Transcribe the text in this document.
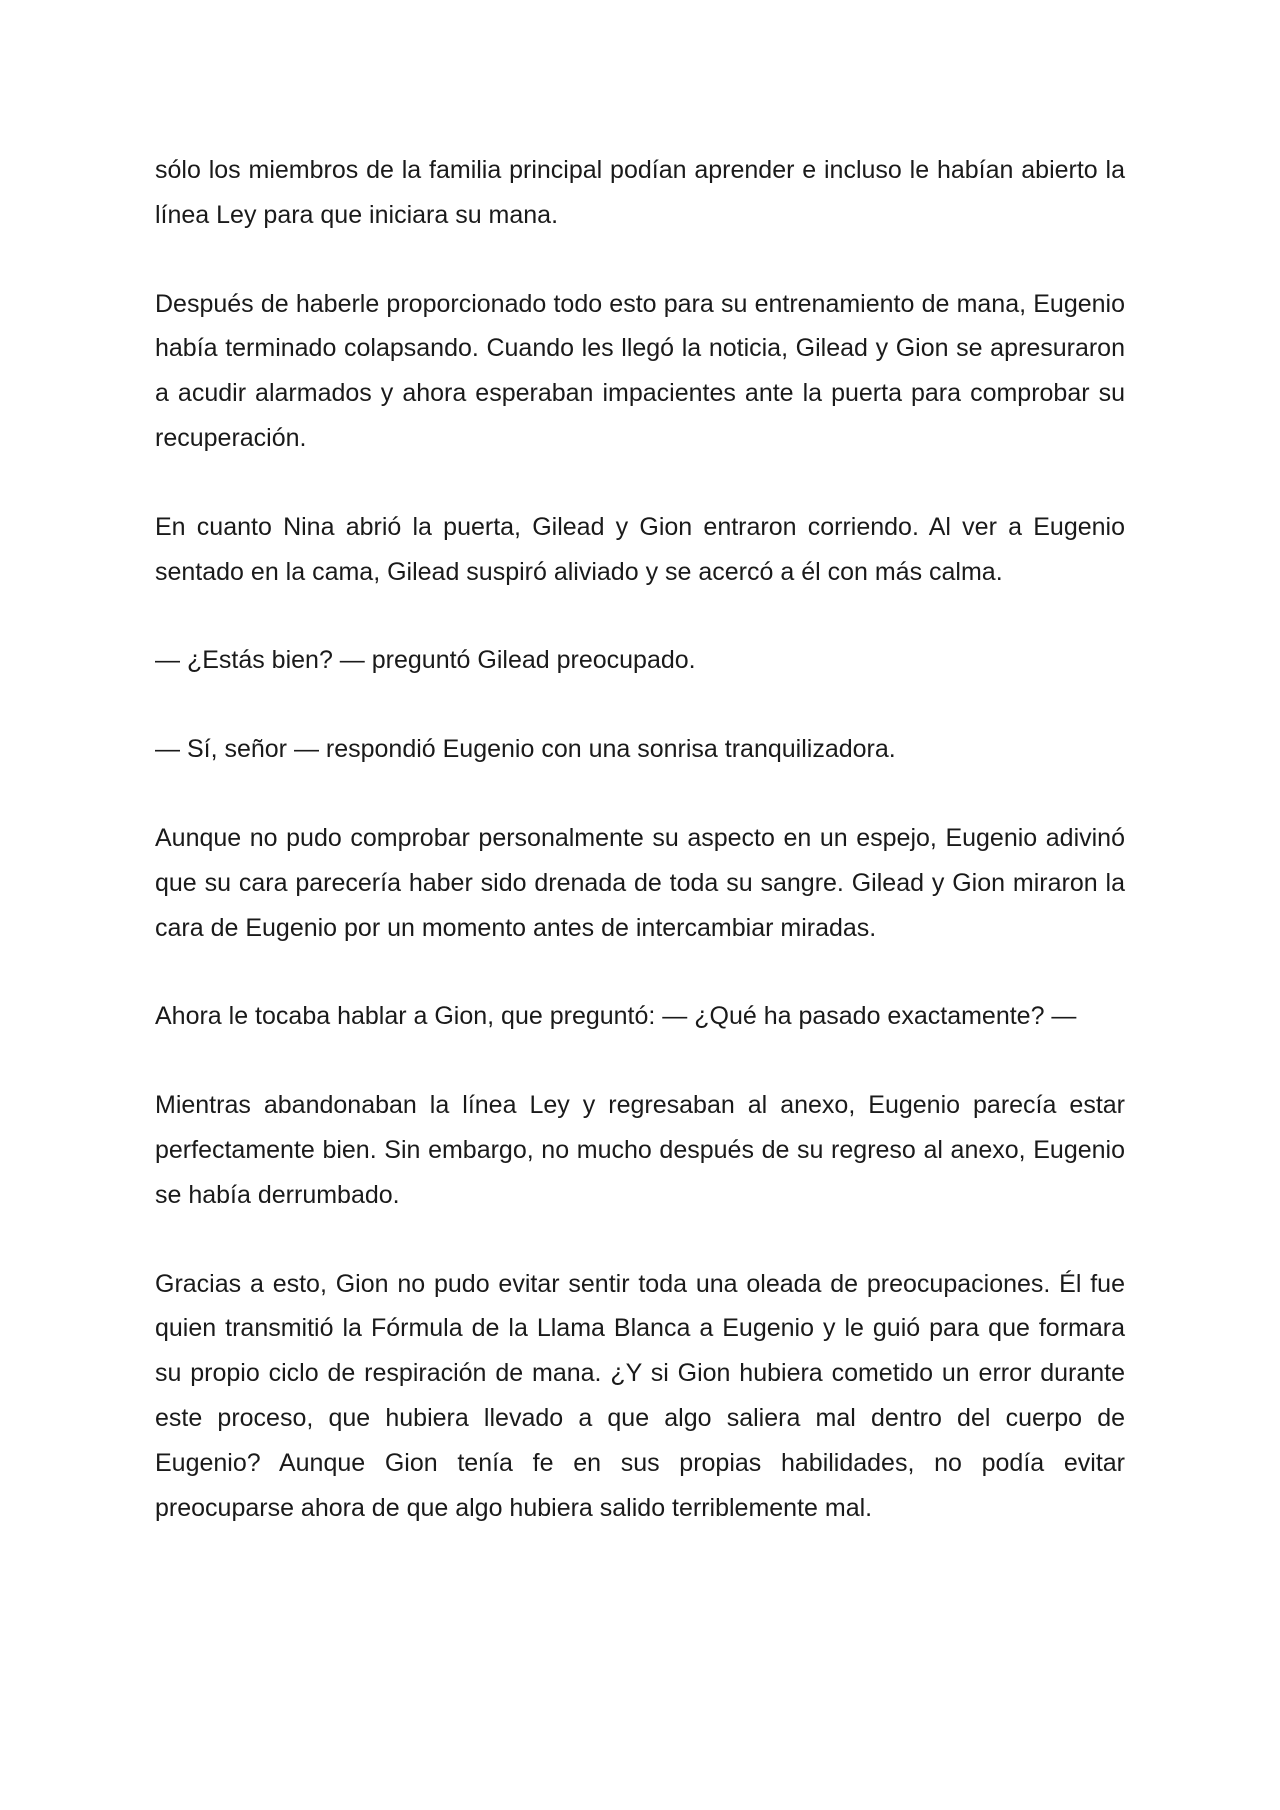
sólo los miembros de la familia principal podían aprender e incluso le habían abierto la línea Ley para que iniciara su mana.

Después de haberle proporcionado todo esto para su entrenamiento de mana, Eugenio había terminado colapsando. Cuando les llegó la noticia, Gilead y Gion se apresuraron a acudir alarmados y ahora esperaban impacientes ante la puerta para comprobar su recuperación.

En cuanto Nina abrió la puerta, Gilead y Gion entraron corriendo. Al ver a Eugenio sentado en la cama, Gilead suspiró aliviado y se acercó a él con más calma.

— ¿Estás bien? — preguntó Gilead preocupado.

— Sí, señor — respondió Eugenio con una sonrisa tranquilizadora.

Aunque no pudo comprobar personalmente su aspecto en un espejo, Eugenio adivinó que su cara parecería haber sido drenada de toda su sangre. Gilead y Gion miraron la cara de Eugenio por un momento antes de intercambiar miradas.

Ahora le tocaba hablar a Gion, que preguntó: — ¿Qué ha pasado exactamente? —

Mientras abandonaban la línea Ley y regresaban al anexo, Eugenio parecía estar perfectamente bien. Sin embargo, no mucho después de su regreso al anexo, Eugenio se había derrumbado.

Gracias a esto, Gion no pudo evitar sentir toda una oleada de preocupaciones. Él fue quien transmitió la Fórmula de la Llama Blanca a Eugenio y le guió para que formara su propio ciclo de respiración de mana. ¿Y si Gion hubiera cometido un error durante este proceso, que hubiera llevado a que algo saliera mal dentro del cuerpo de Eugenio? Aunque Gion tenía fe en sus propias habilidades, no podía evitar preocuparse ahora de que algo hubiera salido terriblemente mal.
